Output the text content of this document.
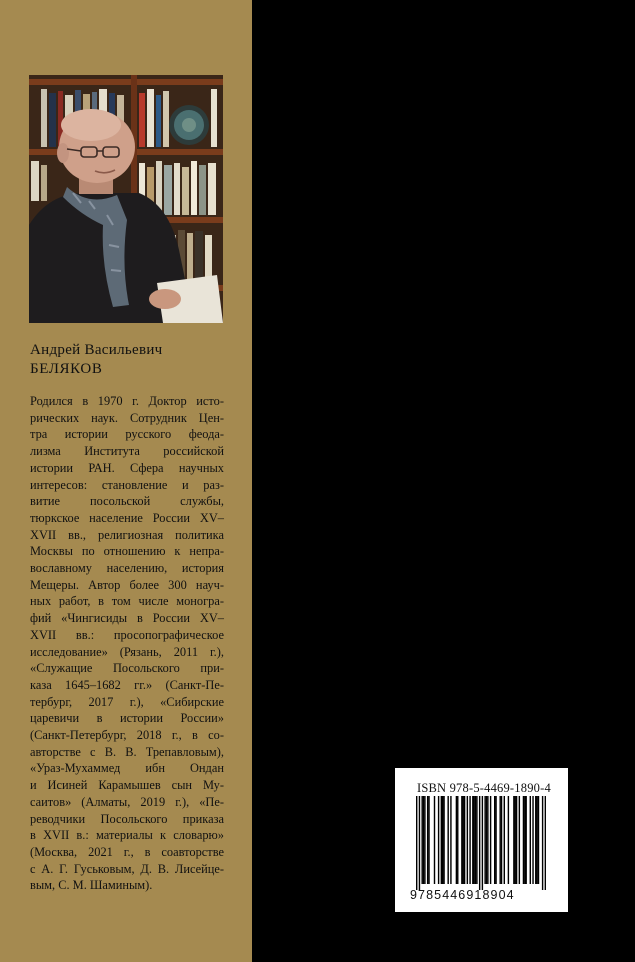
Андрей Васильевич
БЕЛЯКОВ
Родился в 1970 г. Доктор исто-
рических наук. Сотрудник Цен-
тра истории русского феода-
лизма Института российской
истории РАН. Сфера научных
интересов: становление и раз-
витие посольской службы,
тюркское население России XV–
XVII вв., религиозная политика
Москвы по отношению к непра-
вославному населению, история
Мещеры. Автор более 300 науч-
ных работ, в том числе моногра-
фий «Чингисиды в России XV–
XVII вв.: просопографическое
исследование» (Рязань, 2011 г.),
«Служащие Посольского при-
каза 1645–1682 гг.» (Санкт-Пе-
тербург, 2017 г.), «Сибирские
царевичи в истории России»
(Санкт-Петербург, 2018 г., в со-
авторстве с В. В. Трепавловым),
«Ураз-Мухаммед ибн Ондан
и Исиней Карамышев сын Му-
саитов» (Алматы, 2019 г.), «Пе-
реводчики Посольского приказа
в XVII в.: материалы к словарю»
(Москва, 2021 г., в соавторстве
с А. Г. Гуськовым, Д. В. Лисейце-
вым, С. М. Шаминым).
ISBN 978-5-4469-1890-4
9785446918904
